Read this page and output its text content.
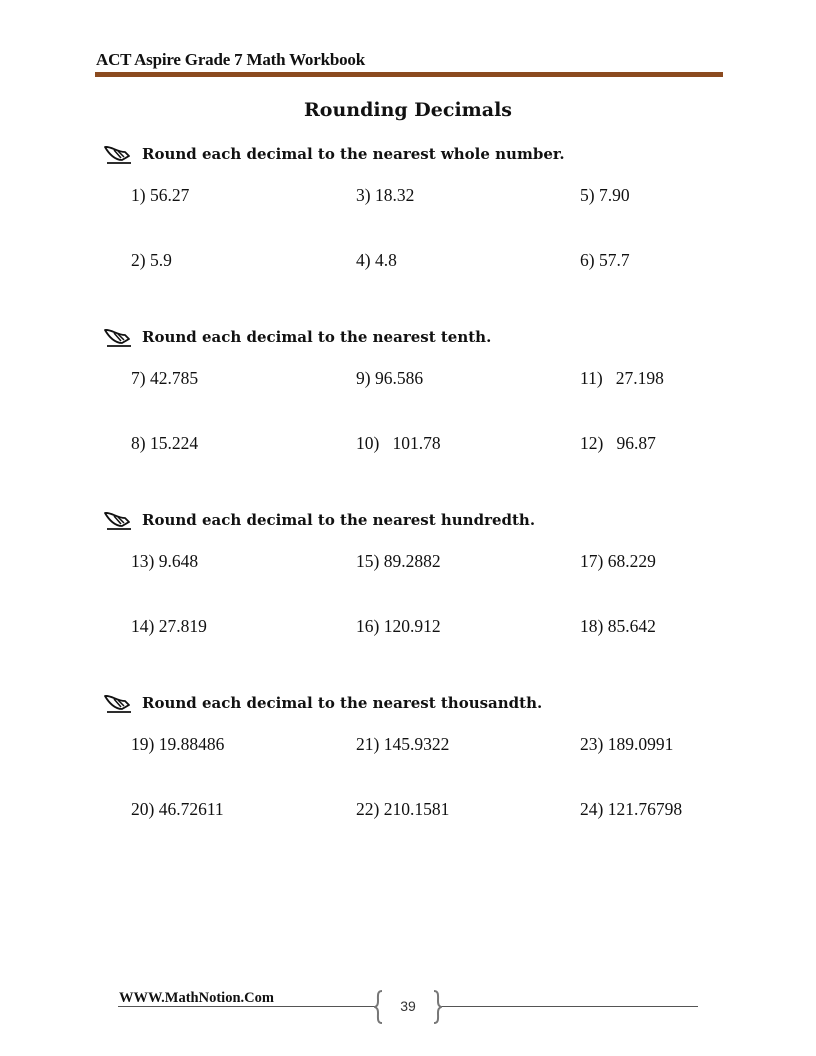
ACT Aspire Grade 7 Math Workbook
Rounding Decimals
Round each decimal to the nearest whole number.
1) 56.27	3) 18.32	5) 7.90
2) 5.9	4) 4.8	6) 57.7
Round each decimal to the nearest tenth.
7) 42.785	9) 96.586	11)   27.198
8) 15.224	10)   101.78	12)   96.87
Round each decimal to the nearest hundredth.
13) 9.648	15) 89.2882	17) 68.229
14) 27.819	16) 120.912	18) 85.642
Round each decimal to the nearest thousandth.
19) 19.88486	21) 145.9322	23) 189.0991
20) 46.72611	22) 210.1581	24) 121.76798
WWW.MathNotion.Com	39
